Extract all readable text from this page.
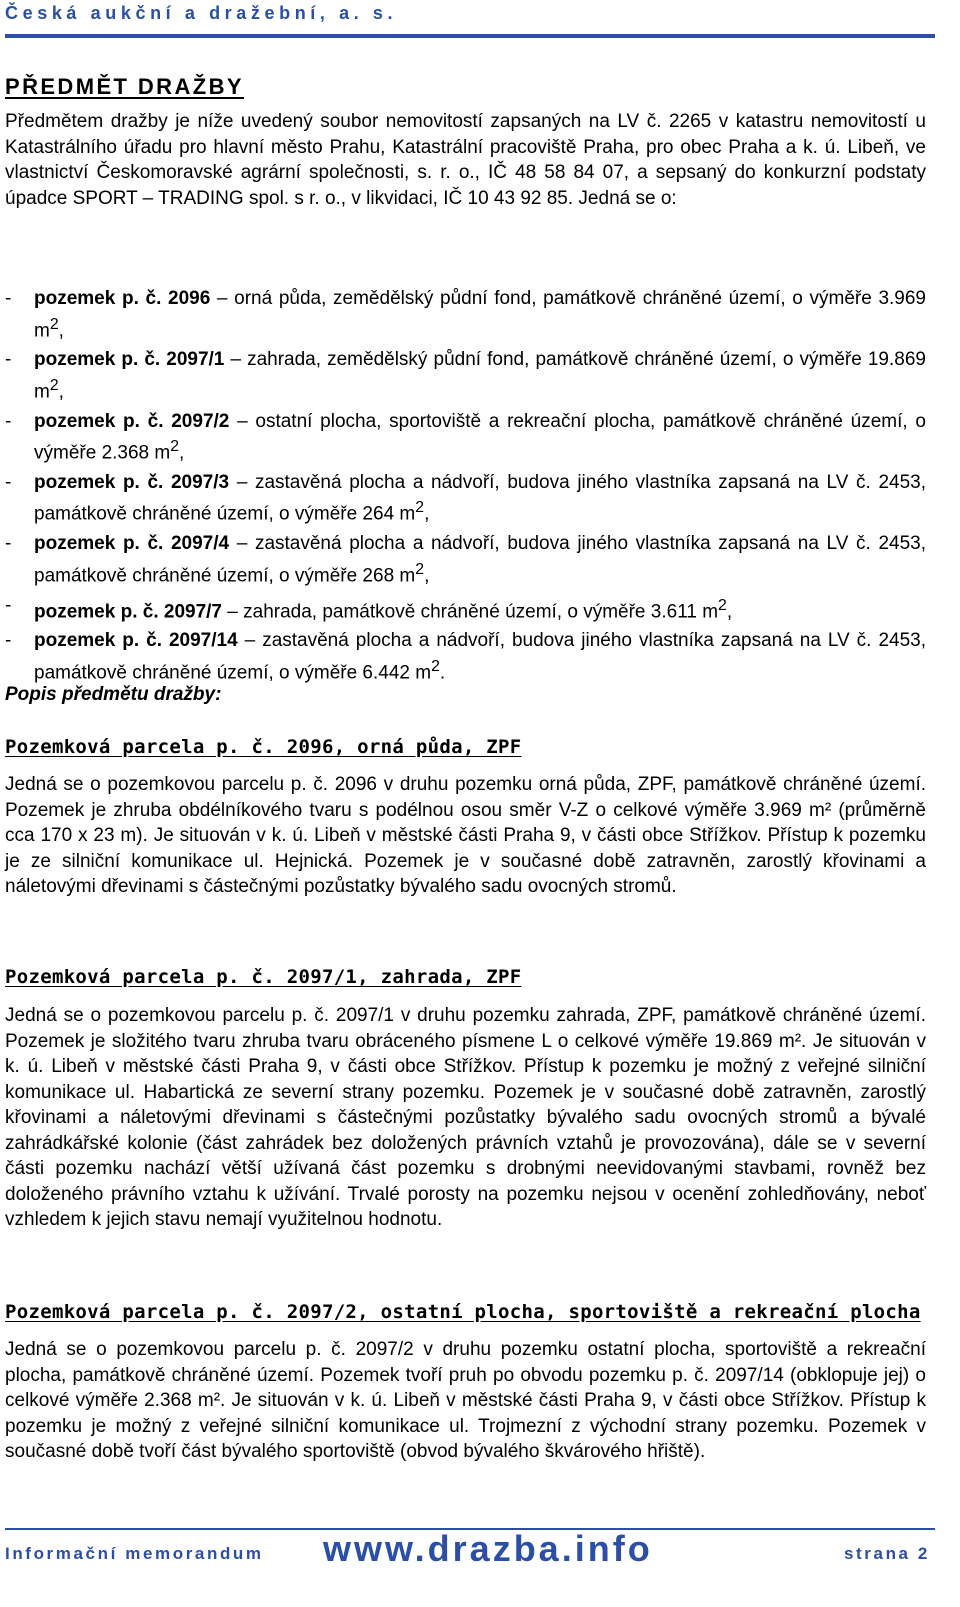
Česká aukční a dražební, a. s.
PŘEDMĚT DRAŽBY

Předmětem dražby je níže uvedený soubor nemovitostí zapsaných na LV č. 2265 v katastru nemovitostí u Katastrálního úřadu pro hlavní město Prahu, Katastrální pracoviště Praha, pro obec Praha a k. ú. Libeň, ve vlastnictví Českomoravské agrární společnosti, s. r. o., IČ 48 58 84 07, a sepsaný do konkurzní podstaty úpadce SPORT – TRADING spol. s r. o., v likvidaci, IČ 10 43 92 85. Jedná se o:

- pozemek p. č. 2096 – orná půda, zemědělský půdní fond, památkově chráněné území, o výměře 3.969 $m^2$,
- pozemek p. č. 2097/1 – zahrada, zemědělský půdní fond, památkově chráněné území, o výměře 19.869 $m^2$,
- pozemek p. č. 2097/2 – ostatní plocha, sportoviště a rekreační plocha, památkově chráněné území, o výměře 2.368 $m^2$,
- pozemek p. č. 2097/3 – zastavěná plocha a nádvoří, budova jiného vlastníka zapsaná na LV č. 2453, památkově chráněné území, o výměře 264 $m^2$,
- pozemek p. č. 2097/4 – zastavěná plocha a nádvoří, budova jiného vlastníka zapsaná na LV č. 2453, památkově chráněné území, o výměře 268 $m^2$,
- pozemek p. č. 2097/7 – zahrada, památkově chráněné území, o výměře 3.611 $m^2$,
- pozemek p. č. 2097/14 – zastavěná plocha a nádvoří, budova jiného vlastníka zapsaná na LV č. 2453, památkově chráněné území, o výměře 6.442 $m^2$.
Popis předmětu dražby:
Pozemková parcela p. č. 2096, orná půda, ZPF

Jedná se o pozemkovou parcelu p. č. 2096 v druhu pozemku orná půda, ZPF, památkově chráněné území. Pozemek je zhruba obdélníkového tvaru s podélnou osou směr V-Z o celkové výměře 3.969 m² (průměrně cca 170 x 23 m). Je situován v k. ú. Libeň v městské části Praha 9, v části obce Střížkov. Přístup k pozemku je ze silniční komunikace ul. Hejnická. Pozemek je v současné době zatravněn, zarostlý křovinami a náletovými dřevinami s částečnými pozůstatky bývalého sadu ovocných stromů.

Pozemková parcela p. č. 2097/1, zahrada, ZPF

Jedná se o pozemkovou parcelu p. č. 2097/1 v druhu pozemku zahrada, ZPF, památkově chráněné území. Pozemek je složitého tvaru zhruba tvaru obráceného písmene L o celkové výměře 19.869 m². Je situován v k. ú. Libeň v městské části Praha 9, v části obce Střížkov. Přístup k pozemku je možný z veřejné silniční komunikace ul. Habartická ze severní strany pozemku. Pozemek je v současné době zatravněn, zarostlý křovinami a náletovými dřevinami s částečnými pozůstatky bývalého sadu ovocných stromů a bývalé zahrádkářské kolonie (část zahrádek bez doložených právních vztahů je provozována), dále se v severní části pozemku nachází větší užívaná část pozemku s drobnými neevidovanými stavbami, rovněž bez doloženého právního vztahu k užívání. Trvalé porosty na pozemku nejsou v ocenění zohledňovány, neboť vzhledem k jejich stavu nemají využitelnou hodnotu.

Pozemková parcela p. č. 2097/2, ostatní plocha, sportoviště a rekreační plocha

Jedná se o pozemkovou parcelu p. č. 2097/2 v druhu pozemku ostatní plocha, sportoviště a rekreační plocha, památkově chráněné území. Pozemek tvoří pruh po obvodu pozemku p. č. 2097/14 (obklopuje jej) o celkové výměře 2.368 m². Je situován v k. ú. Libeň v městské části Praha 9, v části obce Střížkov. Přístup k pozemku je možný z veřejné silniční komunikace ul. Trojmezní z východní strany pozemku. Pozemek v současné době tvoří část bývalého sportoviště (obvod bývalého škvárového hřiště).

Informační memorandum www.drazba.info	strana 2
